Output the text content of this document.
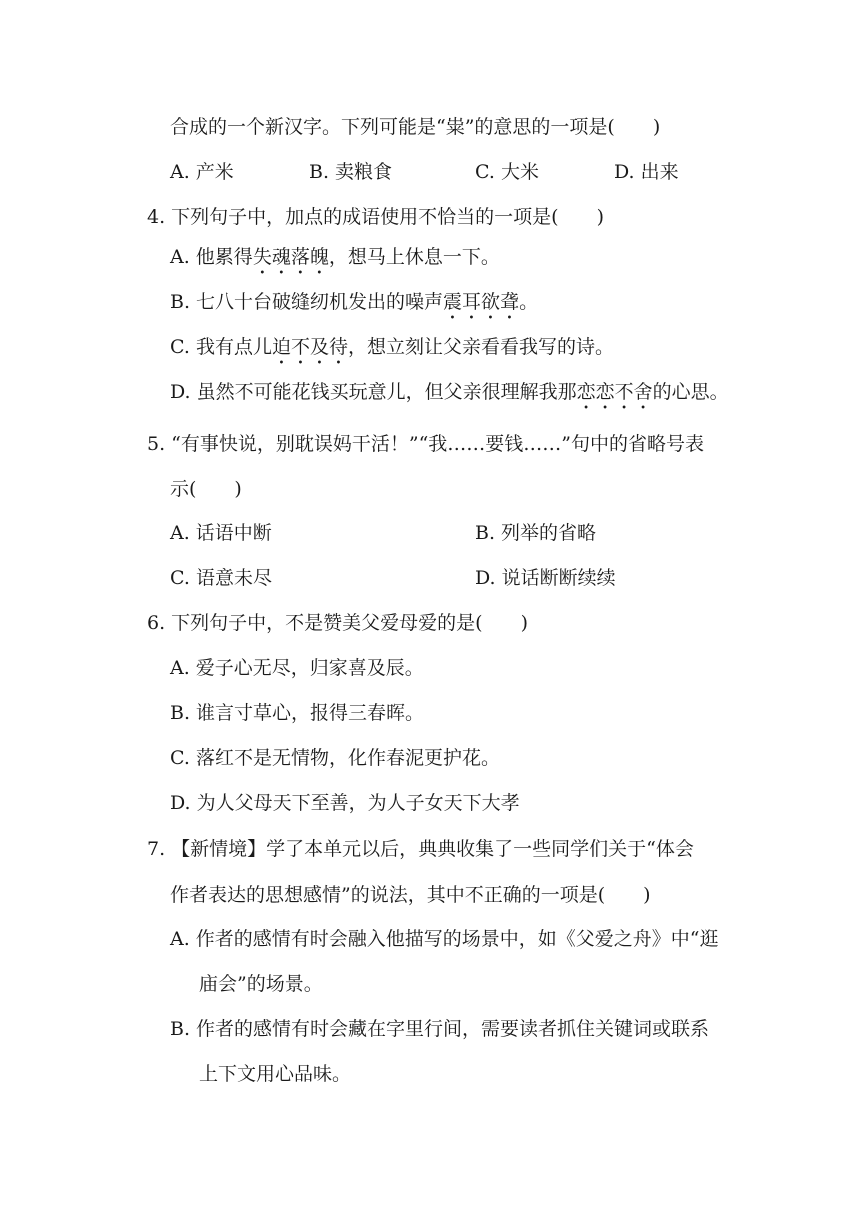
合成的一个新汉字。下列可能是“粜”的意思的一项是(　　)
A. 产米	B. 卖粮食	C. 大米	D. 出来
4. 下列句子中，加点的成语使用不恰当的一项是(　　)
A. 他累得失魂落魄，想马上休息一下。
B. 七八十台破缝纫机发出的噪声震耳欲聋。
C. 我有点儿迫不及待，想立刻让父亲看看我写的诗。
D. 虽然不可能花钱买玩意儿，但父亲很理解我那恋恋不舍的心思。
5. “有事快说，别耽误妈干活！”“我……要钱……”句中的省略号表
示(　　)
A. 话语中断	B. 列举的省略
C. 语意未尽	D. 说话断断续续
6. 下列句子中，不是赞美父爱母爱的是(　　)
A. 爱子心无尽，归家喜及辰。
B. 谁言寸草心，报得三春晖。
C. 落红不是无情物，化作春泥更护花。
D. 为人父母天下至善，为人子女天下大孝
7. 【新情境】学了本单元以后，典典收集了一些同学们关于“体会
作者表达的思想感情”的说法，其中不正确的一项是(　　)
A. 作者的感情有时会融入他描写的场景中，如《父爱之舟》中“逛
庙会”的场景。
B. 作者的感情有时会藏在字里行间，需要读者抓住关键词或联系
上下文用心品味。
